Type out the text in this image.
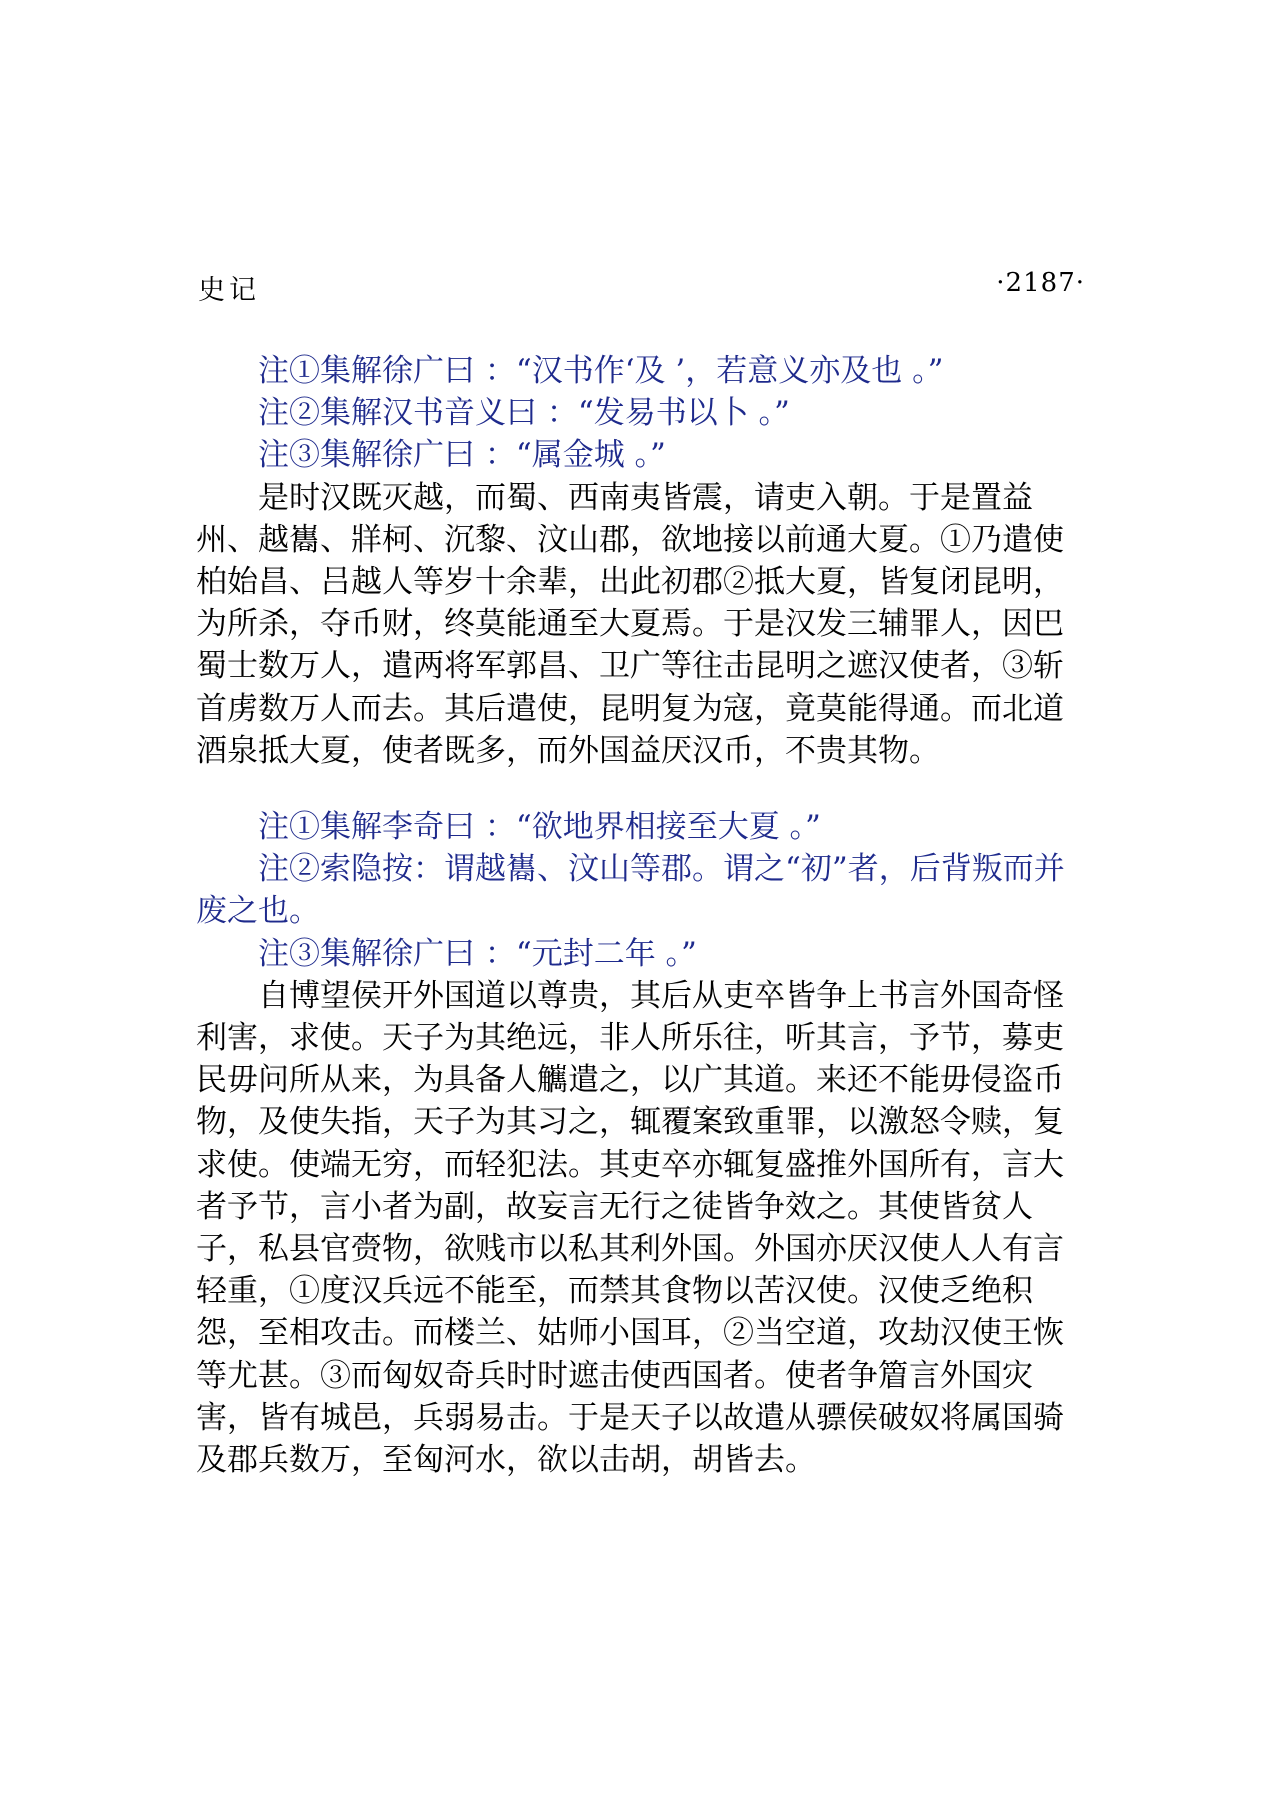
史记	·2187·

注①集解徐广曰 ：“汉书作‘及 ’，若意义亦及也 。”

注②集解汉书音义曰 ：“发易书以卜 。”

注③集解徐广曰 ：“属金城 。”

是时汉既灭越，而蜀、西南夷皆震，请吏入朝。于是置益州、越巂、牂柯、沉黎、汶山郡，欲地接以前通大夏。①乃遣使柏始昌、吕越人等岁十余辈，出此初郡②抵大夏，皆复闭昆明，为所杀，夺币财，终莫能通至大夏焉。于是汉发三辅罪人，因巴蜀士数万人，遣两将军郭昌、卫广等往击昆明之遮汉使者，③斩首虏数万人而去。其后遣使，昆明复为寇，竟莫能得通。而北道酒泉抵大夏，使者既多，而外国益厌汉币，不贵其物。

注①集解李奇曰 ：“欲地界相接至大夏 。”

注②索隐按：谓越巂、汶山等郡。谓之“初”者，后背叛而并废之也。

注③集解徐广曰 ：“元封二年 。”

自博望侯开外国道以尊贵，其后从吏卒皆争上书言外国奇怪利害，求使。天子为其绝远，非人所乐往，听其言，予节，募吏民毋问所从来，为具备人觽遣之，以广其道。来还不能毋侵盗币物，及使失指，天子为其习之，辄覆案致重罪，以激怒令赎，复求使。使端无穷，而轻犯法。其吏卒亦辄复盛推外国所有，言大者予节，言小者为副，故妄言无行之徒皆争效之。其使皆贫人子，私县官赍物，欲贱市以私其利外国。外国亦厌汉使人人有言轻重，①度汉兵远不能至，而禁其食物以苦汉使。汉使乏绝积怨，至相攻击。而楼兰、姑师小国耳，②当空道，攻劫汉使王恢等尤甚。③而匈奴奇兵时时遮击使西国者。使者争篃言外国灾害，皆有城邑，兵弱易击。于是天子以故遣从骠侯破奴将属国骑及郡兵数万，至匈河水，欲以击胡，胡皆去。
